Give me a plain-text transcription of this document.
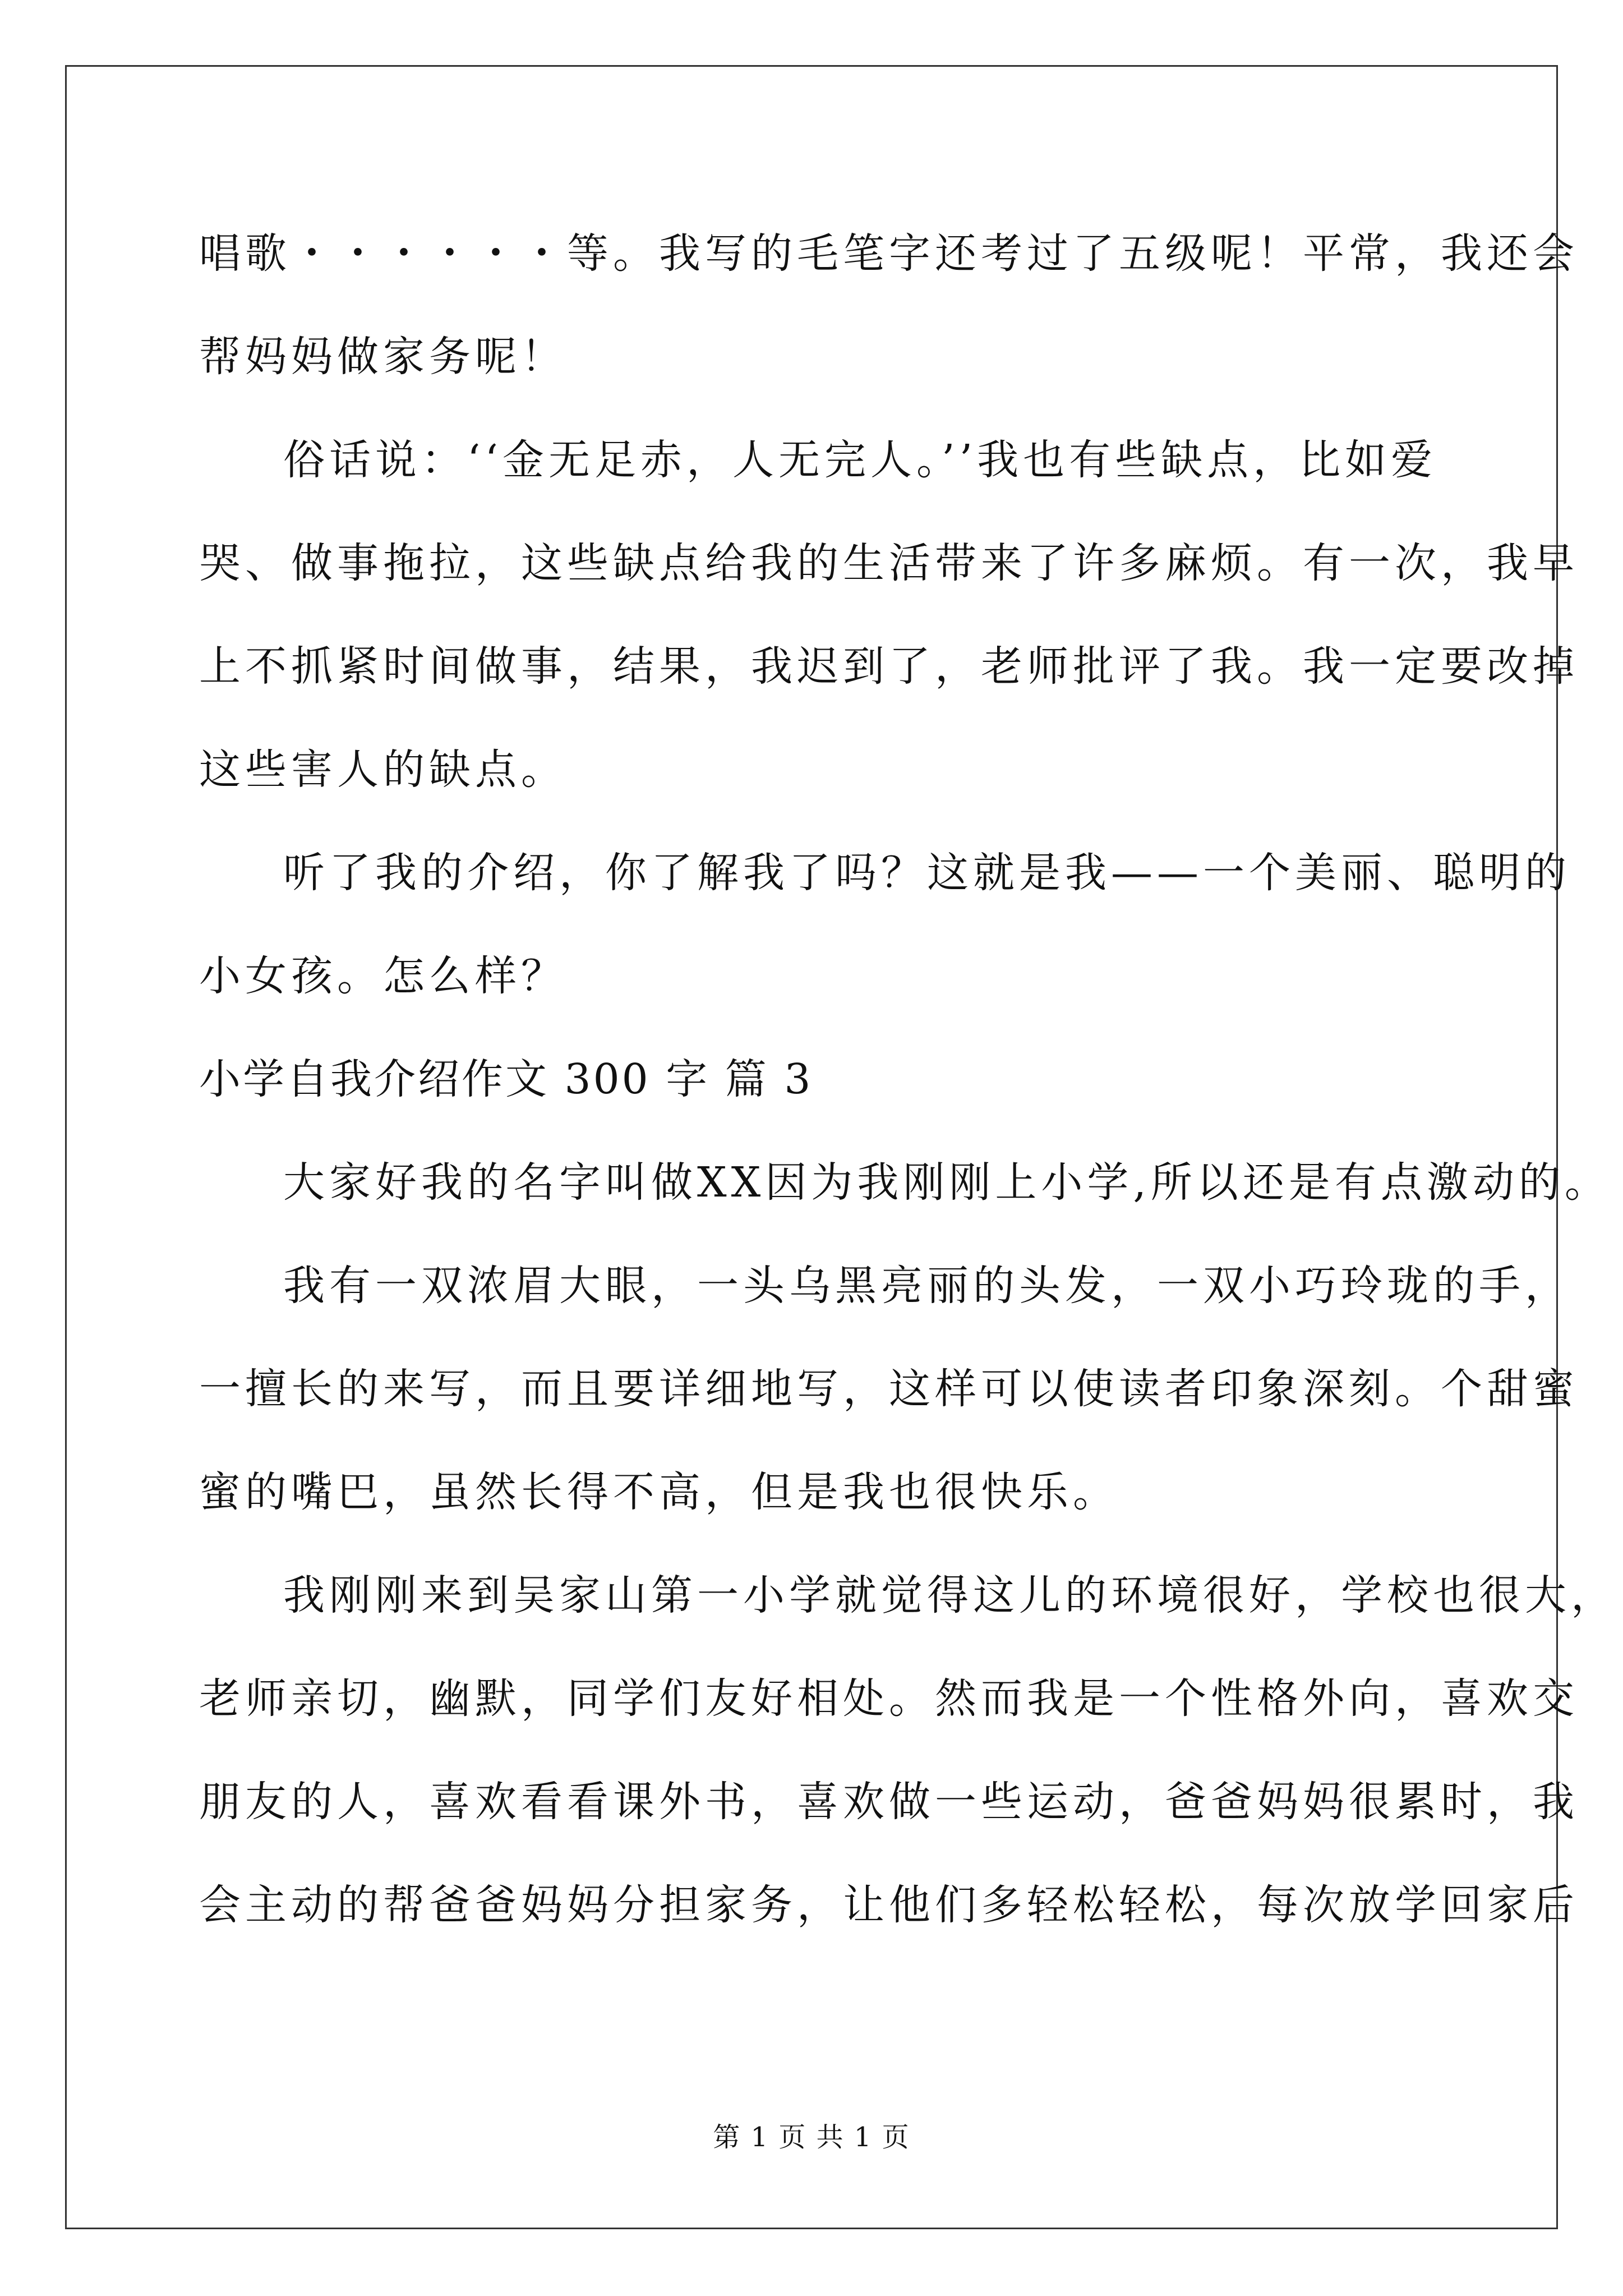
唱歌・・・・・・等。我写的毛笔字还考过了五级呢！平常，我还会
帮妈妈做家务呢！
俗话说：‘‘金无足赤，人无完人。’’我也有些缺点，比如爱
哭、做事拖拉，这些缺点给我的生活带来了许多麻烦。有一次，我早
上不抓紧时间做事，结果，我迟到了，老师批评了我。我一定要改掉
这些害人的缺点。
听了我的介绍，你了解我了吗？这就是我——一个美丽、聪明的
小女孩。怎么样？
小学自我介绍作文 300 字 篇 3
大家好我的名字叫做XX因为我刚刚上小学,所以还是有点激动的。
我有一双浓眉大眼，一头乌黑亮丽的头发，一双小巧玲珑的手，
一擅长的来写，而且要详细地写，这样可以使读者印象深刻。个甜蜜
蜜的嘴巴，虽然长得不高，但是我也很快乐。
我刚刚来到吴家山第一小学就觉得这儿的环境很好，学校也很大，
老师亲切，幽默，同学们友好相处。然而我是一个性格外向，喜欢交
朋友的人，喜欢看看课外书，喜欢做一些运动，爸爸妈妈很累时，我
会主动的帮爸爸妈妈分担家务，让他们多轻松轻松，每次放学回家后
第 1 页 共 1 页
